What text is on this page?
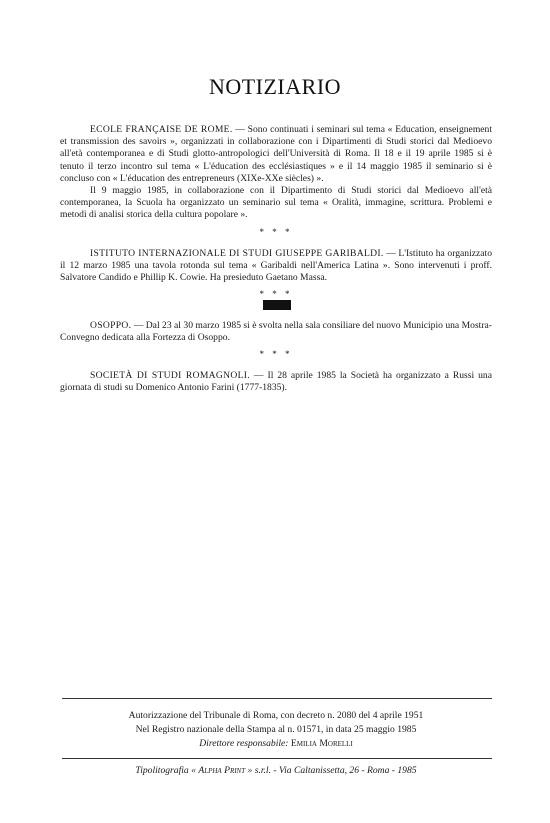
NOTIZIARIO

ECOLE FRANÇAISE DE ROME. — Sono continuati i seminari sul tema « Education, enseignement et transmission des savoirs », organizzati in collaborazione con i Dipartimenti di Studi storici dal Medioevo all'età contemporanea e di Studi glotto-antropologici dell'Università di Roma. Il 18 e il 19 aprile 1985 si è tenuto il terzo incontro sul tema « L'éducation des ecclésiastiques » e il 14 maggio 1985 il seminario si è concluso con « L'éducation des entrepreneurs (XIXe-XXe siècles) ».

Il 9 maggio 1985, in collaborazione con il Dipartimento di Studi storici dal Medioevo all'età contemporanea, la Scuola ha organizzato un seminario sul tema « Oralità, immagine, scrittura. Problemi e metodi di analisi storica della cultura popolare ».

* * *

ISTITUTO INTERNAZIONALE DI STUDI GIUSEPPE GARIBALDI. — L'Istituto ha organizzato il 12 marzo 1985 una tavola rotonda sul tema « Garibaldi nell'America Latina ». Sono intervenuti i proff. Salvatore Candido e Phillip K. Cowie. Ha presieduto Gaetano Massa.

* * *

OSOPPO. — Dal 23 al 30 marzo 1985 si è svolta nella sala consiliare del nuovo Municipio una Mostra-Convegno dedicata alla Fortezza di Osoppo.

* * *

SOCIETÀ DI STUDI ROMAGNOLI. — Il 28 aprile 1985 la Società ha organizzato a Russi una giornata di studi su Domenico Antonio Farini (1777-1835).

Autorizzazione del Tribunale di Roma, con decreto n. 2080 del 4 aprile 1951
Nel Registro nazionale della Stampa al n. 01571, in data 25 maggio 1985
Direttore responsabile: Emilia Morelli
Tipolitografia « Alpha Print » s.r.l. - Via Caltanissetta, 26 - Roma - 1985
